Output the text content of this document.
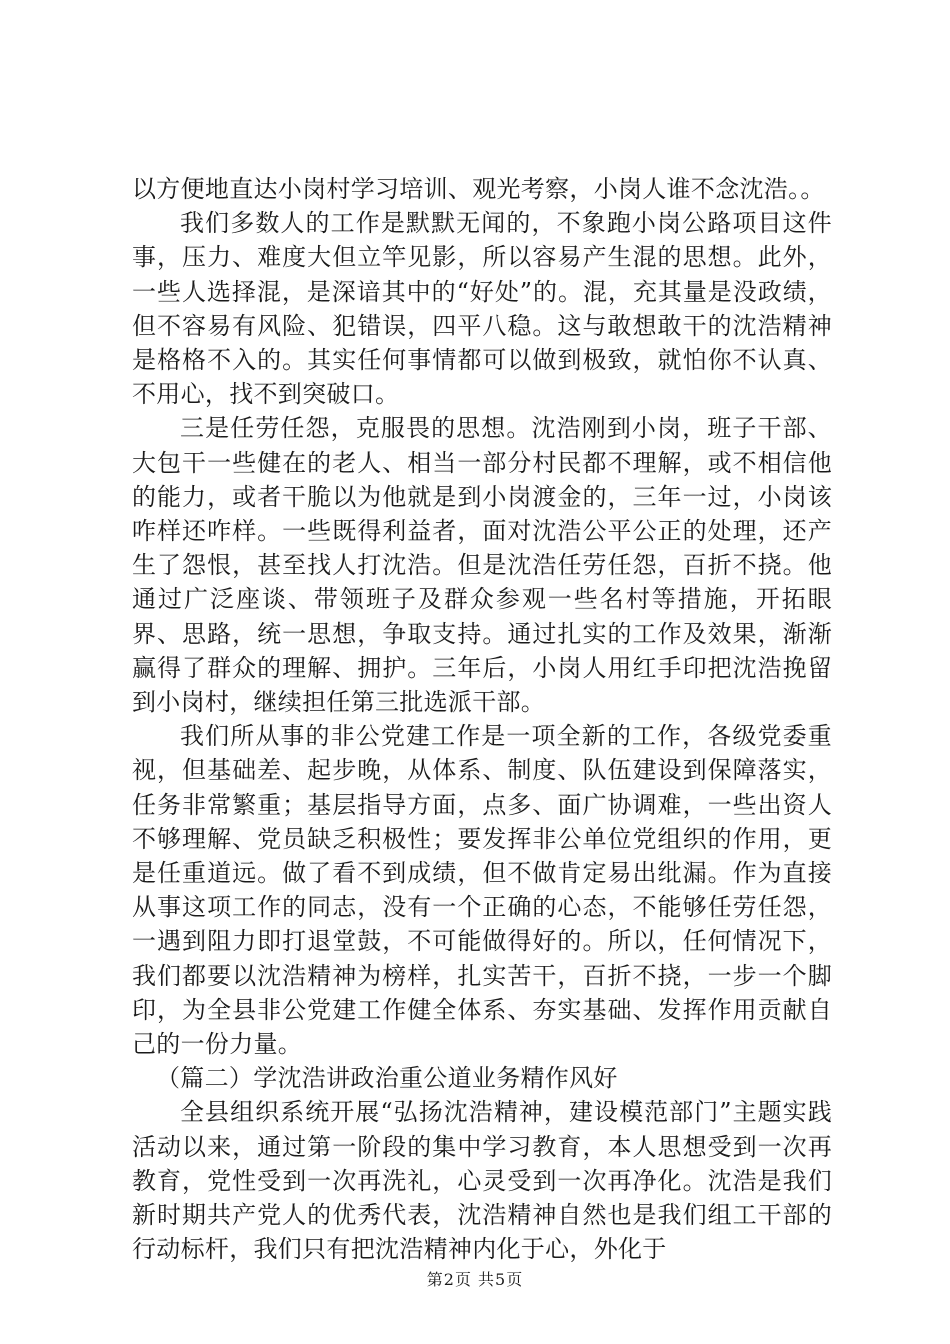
以方便地直达小岗村学习培训、观光考察，小岗人谁不念沈浩。。

我们多数人的工作是默默无闻的，不象跑小岗公路项目这件事，压力、难度大但立竿见影，所以容易产生混的思想。此外，一些人选择混，是深谙其中的“好处”的。混，充其量是没政绩，但不容易有风险、犯错误，四平八稳。这与敢想敢干的沈浩精神是格格不入的。其实任何事情都可以做到极致，就怕你不认真、不用心，找不到突破口。

三是任劳任怨，克服畏的思想。沈浩刚到小岗，班子干部、大包干一些健在的老人、相当一部分村民都不理解，或不相信他的能力，或者干脆以为他就是到小岗渡金的，三年一过，小岗该咋样还咋样。一些既得利益者，面对沈浩公平公正的处理，还产生了怨恨，甚至找人打沈浩。但是沈浩任劳任怨，百折不挠。他通过广泛座谈、带领班子及群众参观一些名村等措施，开拓眼界、思路，统一思想，争取支持。通过扎实的工作及效果，渐渐赢得了群众的理解、拥护。三年后，小岗人用红手印把沈浩挽留到小岗村，继续担任第三批选派干部。

我们所从事的非公党建工作是一项全新的工作，各级党委重视，但基础差、起步晚，从体系、制度、队伍建设到保障落实，任务非常繁重；基层指导方面，点多、面广协调难，一些出资人不够理解、党员缺乏积极性；要发挥非公单位党组织的作用，更是任重道远。做了看不到成绩，但不做肯定易出纰漏。作为直接从事这项工作的同志，没有一个正确的心态，不能够任劳任怨，一遇到阻力即打退堂鼓，不可能做得好的。所以，任何情况下，我们都要以沈浩精神为榜样，扎实苦干，百折不挠，一步一个脚印，为全县非公党建工作健全体系、夯实基础、发挥作用贡献自己的一份力量。

（篇二）学沈浩讲政治重公道业务精作风好

全县组织系统开展“弘扬沈浩精神，建设模范部门”主题实践活动以来，通过第一阶段的集中学习教育，本人思想受到一次再教育，党性受到一次再洗礼，心灵受到一次再净化。沈浩是我们新时期共产党人的优秀代表，沈浩精神自然也是我们组工干部的行动标杆，我们只有把沈浩精神内化于心，外化于

第2页 共5页
